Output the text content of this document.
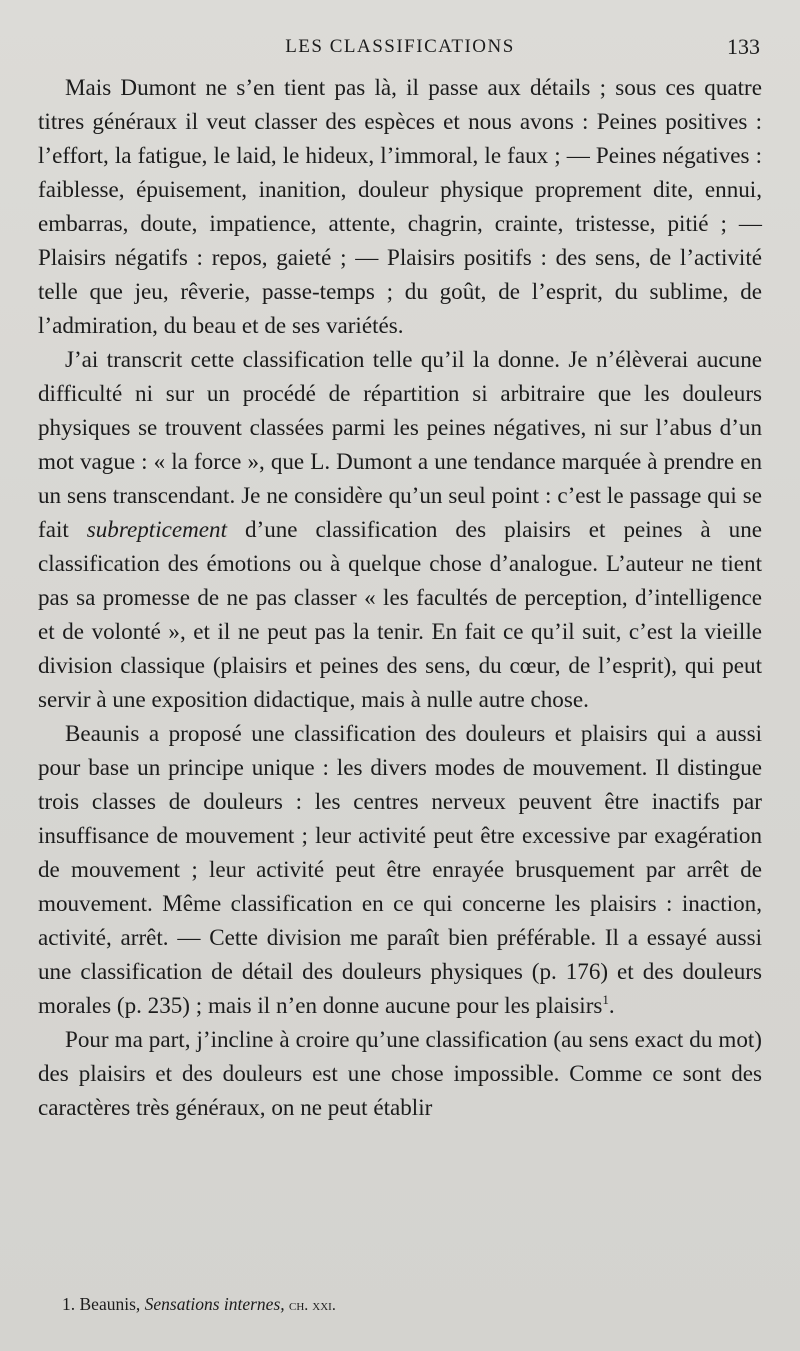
LES CLASSIFICATIONS	133

Mais Dumont ne s’en tient pas là, il passe aux détails ; sous ces quatre titres généraux il veut classer des espèces et nous avons : Peines positives : l’effort, la fatigue, le laid, le hideux, l’immoral, le faux ; — Peines négatives : faiblesse, épuisement, inanition, douleur physique proprement dite, ennui, embarras, doute, impatience, attente, chagrin, crainte, tristesse, pitié ; — Plaisirs négatifs : repos, gaieté ; — Plaisirs positifs : des sens, de l’activité telle que jeu, rêverie, passe-temps ; du goût, de l’esprit, du sublime, de l’admiration, du beau et de ses variétés.

J’ai transcrit cette classification telle qu’il la donne. Je n’élèverai aucune difficulté ni sur un procédé de répartition si arbitraire que les douleurs physiques se trouvent classées parmi les peines négatives, ni sur l’abus d’un mot vague : « la force », que L. Dumont a une tendance marquée à prendre en un sens transcendant. Je ne considère qu’un seul point : c’est le passage qui se fait subrepticement d’une classification des plaisirs et peines à une classification des émotions ou à quelque chose d’analogue. L’auteur ne tient pas sa promesse de ne pas classer « les facultés de perception, d’intelligence et de volonté », et il ne peut pas la tenir. En fait ce qu’il suit, c’est la vieille division classique (plaisirs et peines des sens, du cœur, de l’esprit), qui peut servir à une exposition didactique, mais à nulle autre chose.

Beaunis a proposé une classification des douleurs et plaisirs qui a aussi pour base un principe unique : les divers modes de mouvement. Il distingue trois classes de douleurs : les centres nerveux peuvent être inactifs par insuffisance de mouvement ; leur activité peut être excessive par exagération de mouvement ; leur activité peut être enrayée brusquement par arrêt de mouvement. Même classification en ce qui concerne les plaisirs : inaction, activité, arrêt. — Cette division me paraît bien préférable. Il a essayé aussi une classification de détail des douleurs physiques (p. 176) et des douleurs morales (p. 235) ; mais il n’en donne aucune pour les plaisirs$^1$.

Pour ma part, j’incline à croire qu’une classification (au sens exact du mot) des plaisirs et des douleurs est une chose impossible. Comme ce sont des caractères très généraux, on ne peut établir

1. Beaunis, Sensations internes, ch. xxi.
